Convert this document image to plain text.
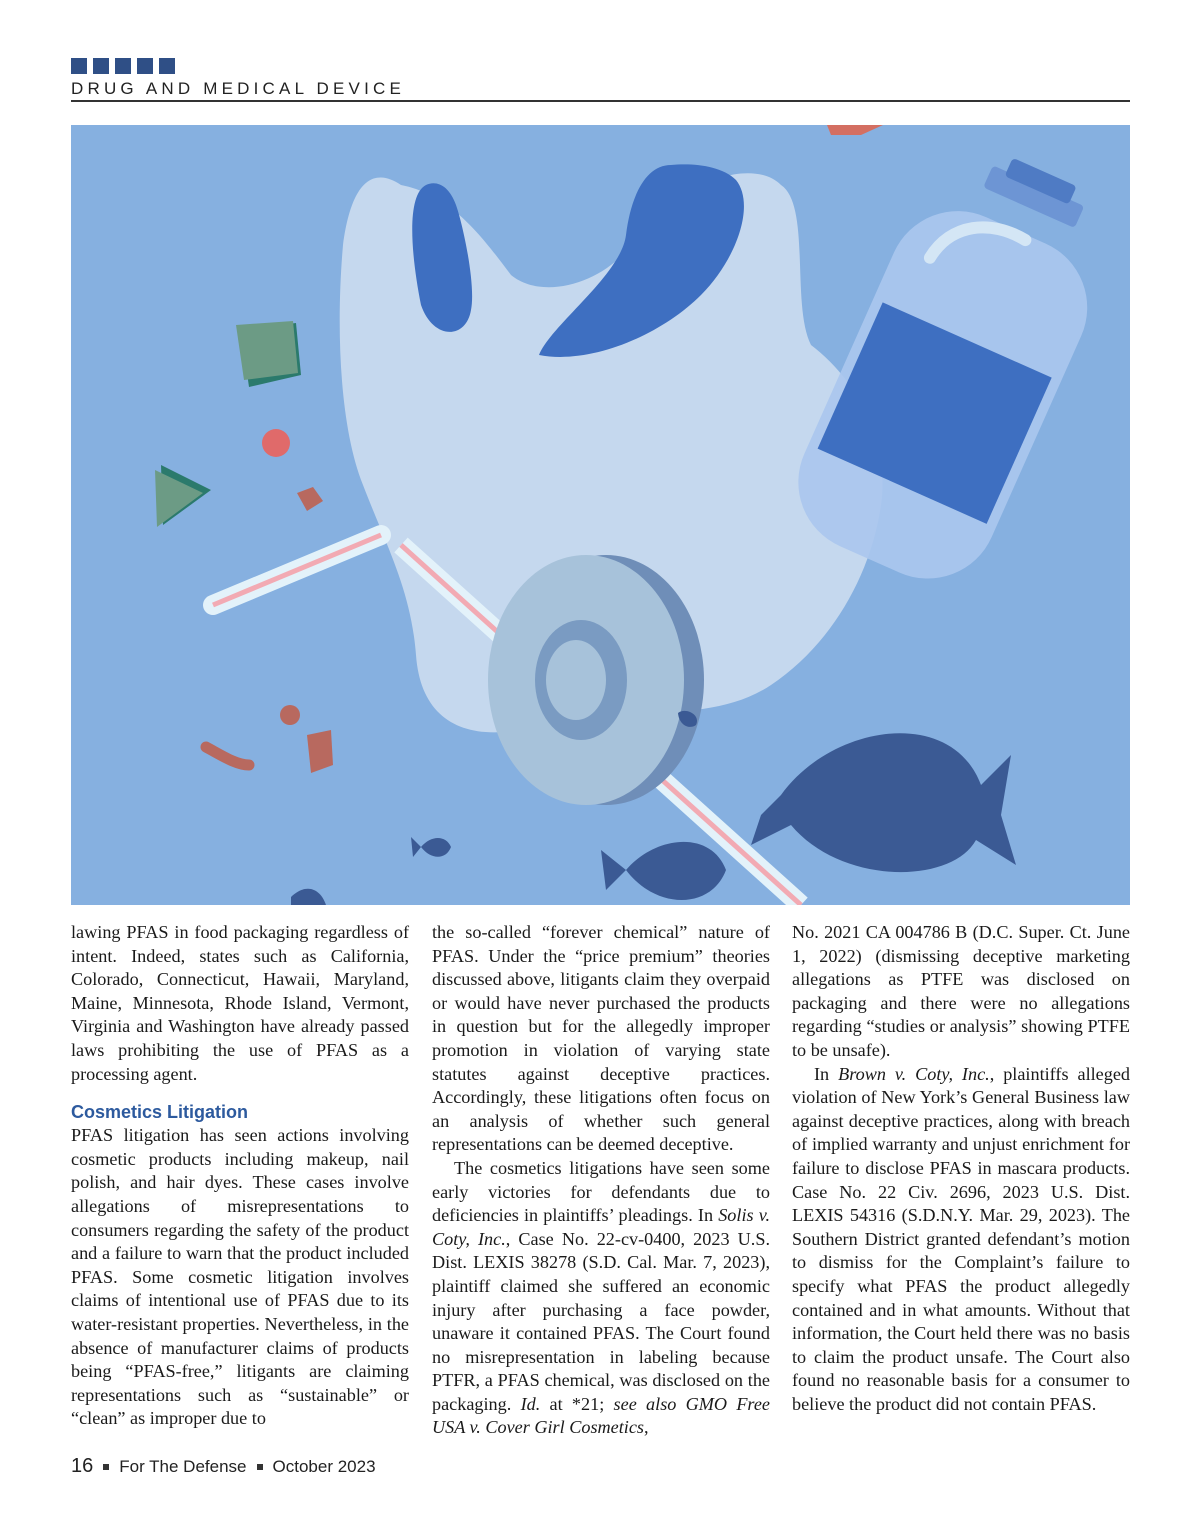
DRUG AND MEDICAL DEVICE

lawing PFAS in food packaging regardless of intent. Indeed, states such as California, Colorado, Connecticut, Hawaii, Maryland, Maine, Minnesota, Rhode Island, Vermont, Virginia and Washington have already passed laws prohibiting the use of PFAS as a processing agent.

Cosmetics Litigation

PFAS litigation has seen actions involving cosmetic products including makeup, nail polish, and hair dyes. These cases involve allegations of misrepresentations to consumers regarding the safety of the product and a failure to warn that the product included PFAS. Some cosmetic litigation involves claims of intentional use of PFAS due to its water-resistant properties. Nevertheless, in the absence of manufacturer claims of products being “PFAS-free,” litigants are claiming representations such as “sustainable” or “clean” as improper due to

the so-called “forever chemical” nature of PFAS. Under the “price premium” theories discussed above, litigants claim they overpaid or would have never purchased the products in question but for the allegedly improper promotion in violation of varying state statutes against deceptive practices. Accordingly, these litigations often focus on an analysis of whether such general representations can be deemed deceptive.

The cosmetics litigations have seen some early victories for defendants due to deficiencies in plaintiffs’ pleadings. In Solis v. Coty, Inc., Case No. 22-cv-0400, 2023 U.S. Dist. LEXIS 38278 (S.D. Cal. Mar. 7, 2023), plaintiff claimed she suffered an economic injury after purchasing a face powder, unaware it contained PFAS. The Court found no misrepresentation in labeling because PTFR, a PFAS chemical, was disclosed on the packaging. Id. at *21; see also GMO Free USA v. Cover Girl Cosmetics,

No. 2021 CA 004786 B (D.C. Super. Ct. June 1, 2022) (dismissing deceptive marketing allegations as PTFE was disclosed on packaging and there were no allegations regarding “studies or analysis” showing PTFE to be unsafe).

In Brown v. Coty, Inc., plaintiffs alleged violation of New York’s General Business law against deceptive practices, along with breach of implied warranty and unjust enrichment for failure to disclose PFAS in mascara products. Case No. 22 Civ. 2696, 2023 U.S. Dist. LEXIS 54316 (S.D.N.Y. Mar. 29, 2023). The Southern District granted defendant’s motion to dismiss for the Complaint’s failure to specify what PFAS the product allegedly contained and in what amounts. Without that information, the Court held there was no basis to claim the product unsafe. The Court also found no reasonable basis for a consumer to believe the product did not contain PFAS.

16 For The Defense October 2023
